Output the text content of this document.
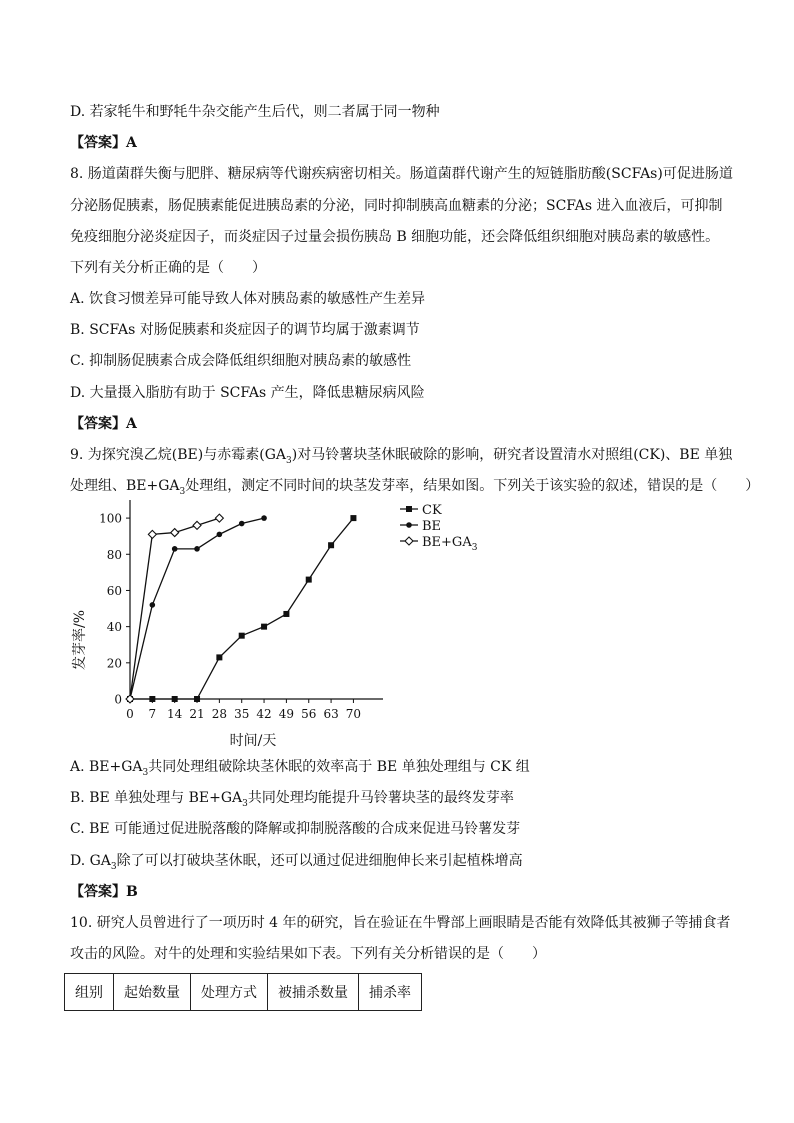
D. 若家牦牛和野牦牛杂交能产生后代，则二者属于同一物种
【答案】A
8. 肠道菌群失衡与肥胖、糖尿病等代谢疾病密切相关。肠道菌群代谢产生的短链脂肪酸(SCFAs)可促进肠道
分泌肠促胰素，肠促胰素能促进胰岛素的分泌，同时抑制胰高血糖素的分泌；SCFAs 进入血液后，可抑制
免疫细胞分泌炎症因子，而炎症因子过量会损伤胰岛 B 细胞功能，还会降低组织细胞对胰岛素的敏感性。
下列有关分析正确的是（　　）
A. 饮食习惯差异可能导致人体对胰岛素的敏感性产生差异
B. SCFAs 对肠促胰素和炎症因子的调节均属于激素调节
C. 抑制肠促胰素合成会降低组织细胞对胰岛素的敏感性
D. 大量摄入脂肪有助于 SCFAs 产生，降低患糖尿病风险
【答案】A
9. 为探究溴乙烷(BE)与赤霉素$(GA_3)$对马铃薯块茎休眠破除的影响，研究者设置清水对照组(CK)、BE 单独
处理组、$BE+GA_3$处理组，测定不同时间的块茎发芽率，结果如图。下列关于该实验的叙述，错误的是（　　）
0
20
40
60
80
100
0 7 14 21 28 35 42 49 56 63 70
CK
BE
$BE+GA_3$
发芽率/%
时间/天
A. $BE+GA_3$共同处理组破除块茎休眠的效率高于 BE 单独处理组与 CK 组
B. BE 单独处理与 $BE+GA_3$共同处理均能提升马铃薯块茎的最终发芽率
C. BE 可能通过促进脱落酸的降解或抑制脱落酸的合成来促进马铃薯发芽
D. $GA_3$除了可以打破块茎休眠，还可以通过促进细胞伸长来引起植株增高
【答案】B
10. 研究人员曾进行了一项历时 4 年的研究，旨在验证在牛臀部上画眼睛是否能有效降低其被狮子等捕食者
攻击的风险。对牛的处理和实验结果如下表。下列有关分析错误的是（　　）
组别	起始数量	处理方式	被捕杀数量	捕杀率
